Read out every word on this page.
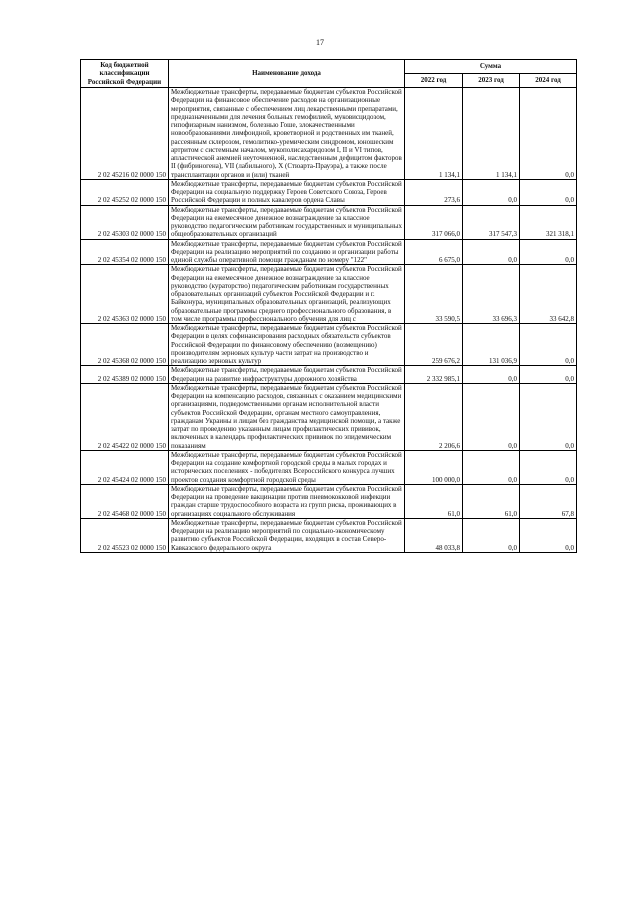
17
Код бюджетной классификации Российской Федерации	Наименование дохода	Сумма		
		2022 год	2023 год	2024 год
2 02 45216 02 0000 150	Межбюджетные трансферты, передаваемые бюджетам субъектов Российской Федерации на финансовое обеспечение расходов на организационные мероприятия, связанные с обеспечением лиц лекарственными препаратами, предназначенными для лечения больных гемофилией, муковисцидозом, гипофизарным нанизмом, болезнью Гоше, злокачественными новообразованиями лимфоидной, кроветворной и родственных им тканей, рассеянным склерозом, гемолитико-уремическим синдромом, юношеским артритом с системным началом, мукополисахаридозом I, II и VI типов, апластической анемией неуточненной, наследственным дефицитом факторов II (фибриногена), VII (лабильного), X (Стюарта-Прауэра), а также после трансплантации органов и (или) тканей	1 134,1	1 134,1	0,0
2 02 45252 02 0000 150	Межбюджетные трансферты, передаваемые бюджетам субъектов Российской Федерации на социальную поддержку Героев Советского Союза, Героев Российской Федерации и полных кавалеров ордена Славы	273,6	0,0	0,0
2 02 45303 02 0000 150	Межбюджетные трансферты, передаваемые бюджетам субъектов Российской Федерации на ежемесячное денежное вознаграждение за классное руководство педагогическим работникам государственных и муниципальных общеобразовательных организаций	317 066,0	317 547,3	321 318,1
2 02 45354 02 0000 150	Межбюджетные трансферты, передаваемые бюджетам субъектов Российской Федерации на реализацию мероприятий по созданию и организации работы единой службы оперативной помощи гражданам по номеру "122"	6 675,0	0,0	0,0
2 02 45363 02 0000 150	Межбюджетные трансферты, передаваемые бюджетам субъектов Российской Федерации на ежемесячное денежное вознаграждение за классное руководство (кураторство) педагогическим работникам государственных образовательных организаций субъектов Российской Федерации и г. Байконура, муниципальных образовательных организаций, реализующих образовательные программы среднего профессионального образования, в том числе программы профессионального обучения для лиц с	33 590,5	33 696,3	33 642,8
2 02 45368 02 0000 150	Межбюджетные трансферты, передаваемые бюджетам субъектов Российской Федерации в целях софинансирования расходных обязательств субъектов Российской Федерации по финансовому обеспечению (возмещению) производителям зерновых культур части затрат на производство и реализацию зерновых культур	259 676,2	131 036,9	0,0
2 02 45389 02 0000 150	Межбюджетные трансферты, передаваемые бюджетам субъектов Российской Федерации на развитие инфраструктуры дорожного хозяйства	2 332 985,1	0,0	0,0
2 02 45422 02 0000 150	Межбюджетные трансферты, передаваемые бюджетам субъектов Российской Федерации на компенсацию расходов, связанных с оказанием медицинскими организациями, подведомственными органам исполнительной власти субъектов Российской Федерации, органам местного самоуправления, гражданам Украины и лицам без гражданства медицинской помощи, а также затрат по проведению указанным лицам профилактических прививок, включенных в календарь профилактических прививок по эпидемическим показаниям	2 206,6	0,0	0,0
2 02 45424 02 0000 150	Межбюджетные трансферты, передаваемые бюджетам субъектов Российской Федерации на создание комфортной городской среды в малых городах и исторических поселениях - победителях Всероссийского конкурса лучших проектов создания комфортной городской среды	100 000,0	0,0	0,0
2 02 45468 02 0000 150	Межбюджетные трансферты, передаваемые бюджетам субъектов Российской Федерации на проведение вакцинации против пневмококковой инфекции граждан старше трудоспособного возраста из групп риска, проживающих в организациях социального обслуживания	61,0	61,0	67,8
2 02 45523 02 0000 150	Межбюджетные трансферты, передаваемые бюджетам субъектов Российской Федерации на реализацию мероприятий по социально-экономическому развитию субъектов Российской Федерации, входящих в состав Северо-Кавказского федерального округа	48 033,8	0,0	0,0
